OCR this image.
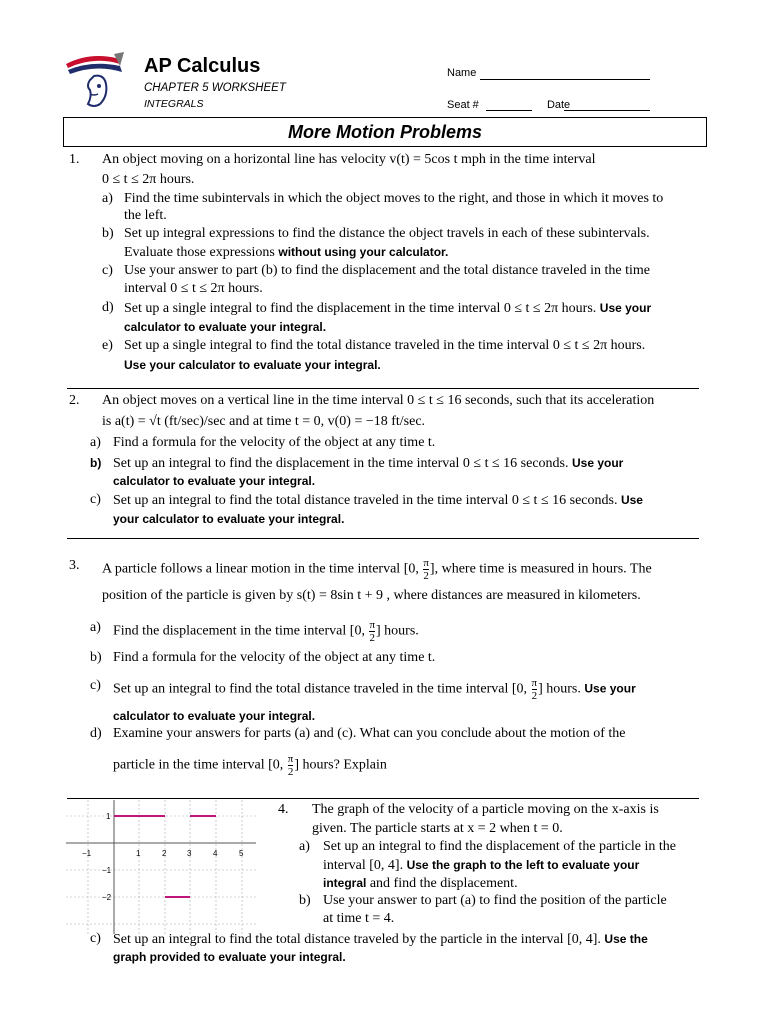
AP Calculus
CHAPTER 5 WORKSHEET
INTEGRALS
Name
Seat #	Date
More Motion Problems
1. An object moving on a horizontal line has velocity v(t) = 5cos t mph in the time interval
0 ≤ t ≤ 2π hours.
a) Find the time subintervals in which the object moves to the right, and those in which it moves to
the left.
b) Set up integral expressions to find the distance the object travels in each of these subintervals.
Evaluate those expressions without using your calculator.
c) Use your answer to part (b) to find the displacement and the total distance traveled in the time
interval 0 ≤ t ≤ 2π hours.
d) Set up a single integral to find the displacement in the time interval 0 ≤ t ≤ 2π hours. Use your
calculator to evaluate your integral.
e) Set up a single integral to find the total distance traveled in the time interval 0 ≤ t ≤ 2π hours.
Use your calculator to evaluate your integral.
2. An object moves on a vertical line in the time interval 0 ≤ t ≤ 16 seconds, such that its acceleration
is a(t) = √t (ft/sec)/sec and at time t = 0, v(0) = −18 ft/sec.
a) Find a formula for the velocity of the object at any time t.
b) Set up an integral to find the displacement in the time interval 0 ≤ t ≤ 16 seconds. Use your
calculator to evaluate your integral.
c) Set up an integral to find the total distance traveled in the time interval 0 ≤ t ≤ 16 seconds. Use
your calculator to evaluate your integral.
3. A particle follows a linear motion in the time interval [0, $\frac{\pi}{2}$ ], where time is measured in hours. The
position of the particle is given by s(t) = 8sin t + 9 , where distances are measured in kilometers.
a) Find the displacement in the time interval [0, $\frac{\pi}{2}$ ] hours.
b) Find a formula for the velocity of the object at any time t.
c) Set up an integral to find the total distance traveled in the time interval [0, $\frac{\pi}{2}$ ] hours. Use your
calculator to evaluate your integral.
d) Examine your answers for parts (a) and (c). What can you conclude about the motion of the
particle in the time interval [0, $\frac{\pi}{2}$ ] hours? Explain
−1	1	2	3	4	5
1
−1
−2
4. The graph of the velocity of a particle moving on the x-axis is
given. The particle starts at x = 2 when t = 0.
a) Set up an integral to find the displacement of the particle in the
interval [0, 4]. Use the graph to the left to evaluate your
integral and find the displacement.
b) Use your answer to part (a) to find the position of the particle
at time t = 4.
c) Set up an integral to find the total distance traveled by the particle in the interval [0, 4]. Use the
graph provided to evaluate your integral.
